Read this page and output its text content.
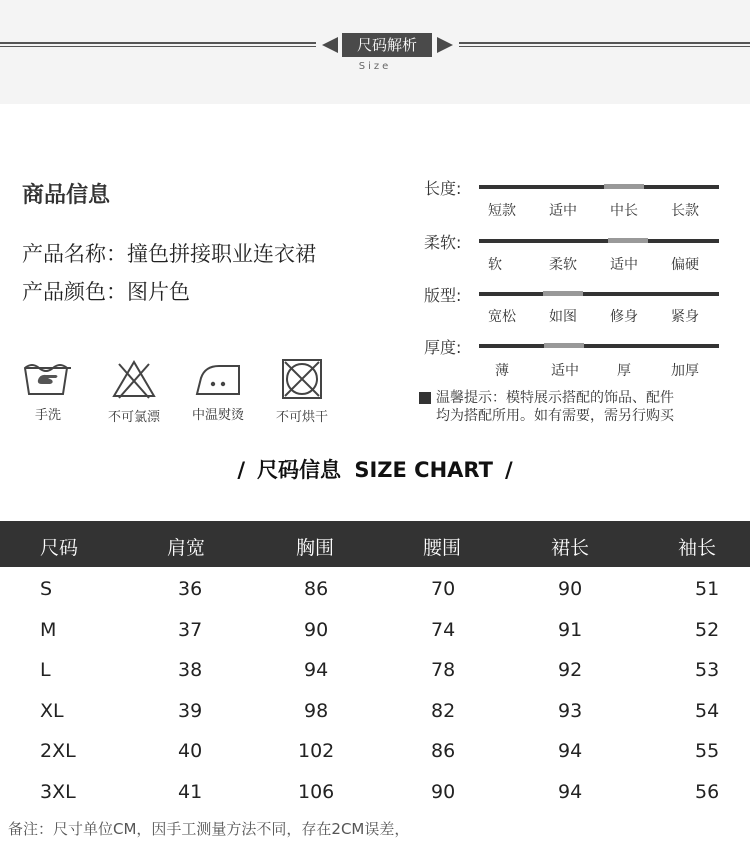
尺码解析
Size
商品信息
产品名称：撞色拼接职业连衣裙
产品颜色：图片色
手洗	不可氯漂	中温熨烫	不可烘干
长度:
短款	适中	中长	长款
柔软:
软	柔软	适中	偏硬
版型:
宽松	如图	修身	紧身
厚度:
薄	适中	厚	加厚
温馨提示：模特展示搭配的饰品、配件
均为搭配所用。如有需要，需另行购买
/ 尺码信息 SIZE CHART /
尺码	肩宽	胸围	腰围	裙长	袖长
S	36	86	70	90	51
M	37	90	74	91	52
L	38	94	78	92	53
XL	39	98	82	93	54
2XL	40	102	86	94	55
3XL	41	106	90	94	56
备注：尺寸单位CM，因手工测量方法不同，存在2CM误差，
